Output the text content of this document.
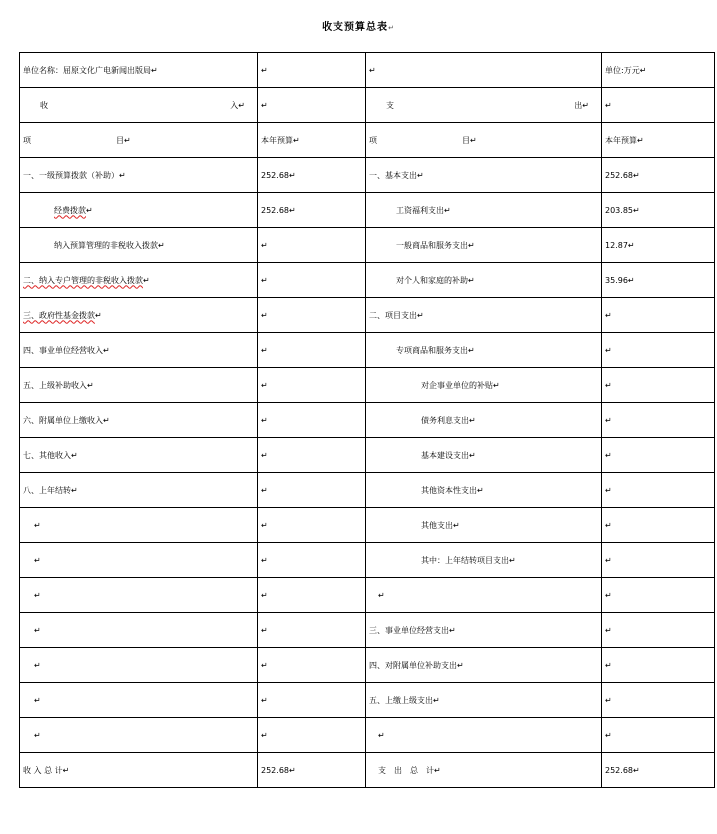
收支预算总表↵
单位名称：屈原文化广电新闻出版局↵	↵	↵	单位:万元↵

收 入↵	↵	支 出↵	↵
项 目↵	本年预算↵	项 目↵	本年预算↵
一、一级预算拨款（补助）↵	252.68↵	一、基本支出↵	252.68↵
经费拨款↵	252.68↵	工资福利支出↵	203.85↵
纳入预算管理的非税收入拨款↵	↵	一般商品和服务支出↵	12.87↵
二、纳入专户管理的非税收入拨款↵	↵	对个人和家庭的补助↵	35.96↵
三、政府性基金拨款↵	↵	二、项目支出↵	↵
四、事业单位经营收入↵	↵	专项商品和服务支出↵	↵
五、上级补助收入↵	↵	对企事业单位的补贴↵	↵
六、附属单位上缴收入↵	↵	债务利息支出↵	↵
七、其他收入↵	↵	基本建设支出↵	↵
八、上年结转↵	↵	其他资本性支出↵	↵
↵	↵	其他支出↵	↵
↵	↵	其中：上年结转项目支出↵	↵
↵	↵	↵	↵
↵	↵	三、事业单位经营支出↵	↵
↵	↵	四、对附属单位补助支出↵	↵
↵	↵	五、上缴上级支出↵	↵
↵	↵	↵	↵
收 入 总 计↵	252.68↵	支　出　总　计↵	252.68↵
